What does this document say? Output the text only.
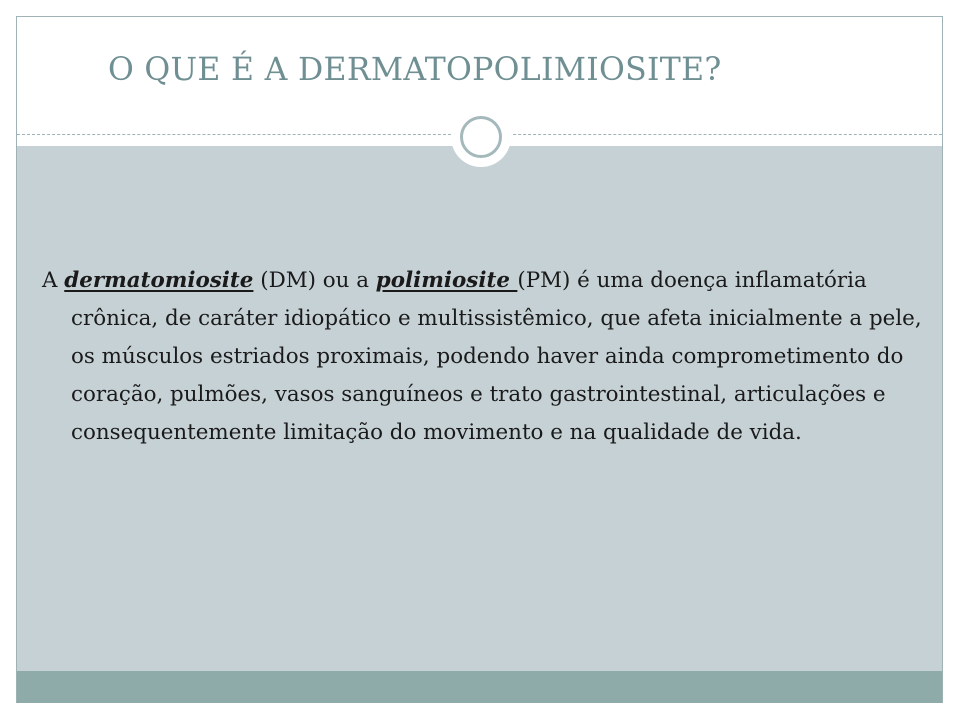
O QUE É A DERMATOPOLIMIOSITE?

A dermatomiosite (DM) ou a polimiosite (PM) é uma doença inflamatória crônica, de caráter idiopático e multissistêmico, que afeta inicialmente a pele, os músculos estriados proximais, podendo haver ainda comprometimento do coração, pulmões, vasos sanguíneos e trato gastrointestinal, articulações e consequentemente limitação do movimento e na qualidade de vida.
